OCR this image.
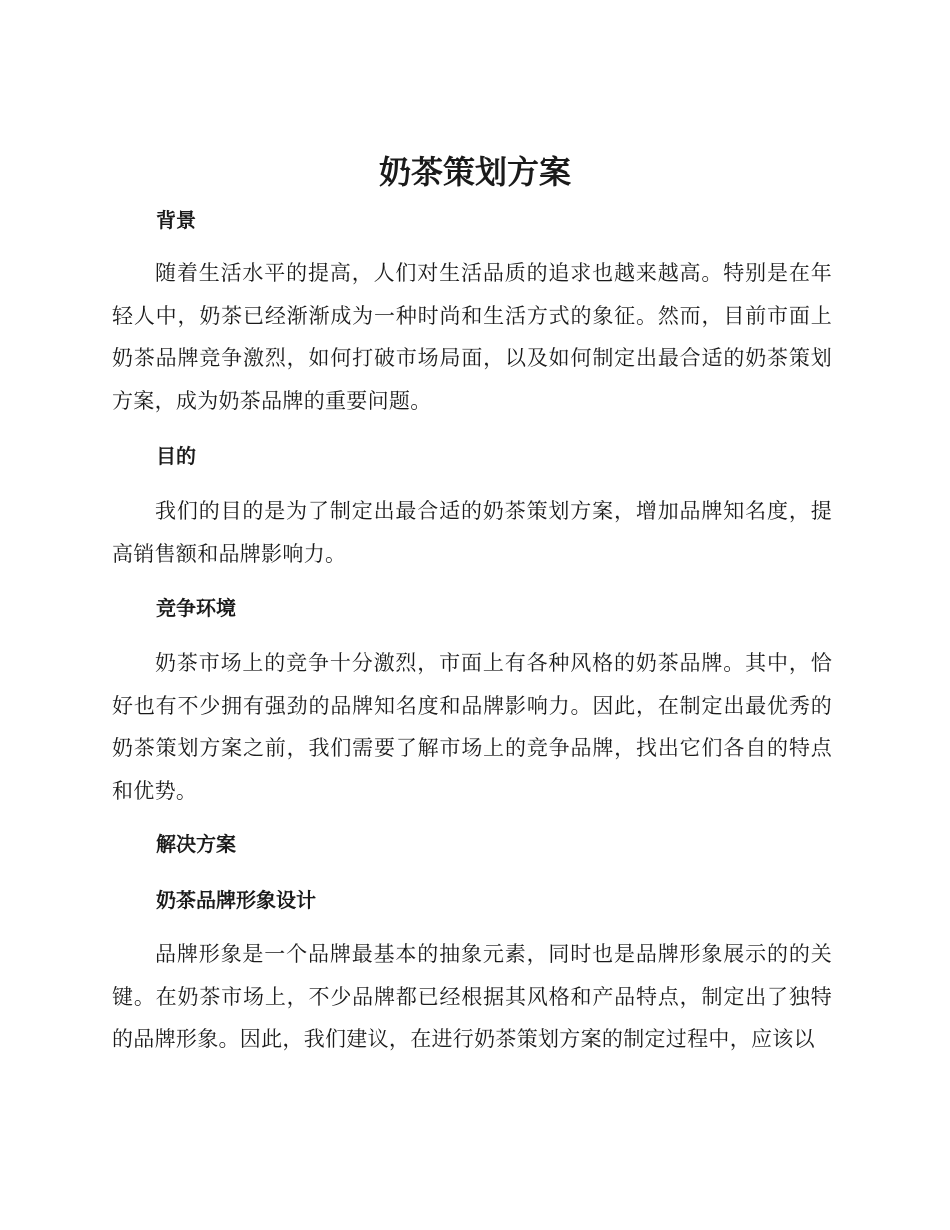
奶茶策划方案
背景

随着生活水平的提高，人们对生活品质的追求也越来越高。特别是在年轻人中，奶茶已经渐渐成为一种时尚和生活方式的象征。然而，目前市面上奶茶品牌竞争激烈，如何打破市场局面，以及如何制定出最合适的奶茶策划方案，成为奶茶品牌的重要问题。

目的

我们的目的是为了制定出最合适的奶茶策划方案，增加品牌知名度，提高销售额和品牌影响力。

竞争环境

奶茶市场上的竞争十分激烈，市面上有各种风格的奶茶品牌。其中，恰好也有不少拥有强劲的品牌知名度和品牌影响力。因此，在制定出最优秀的奶茶策划方案之前，我们需要了解市场上的竞争品牌，找出它们各自的特点和优势。

解决方案
奶茶品牌形象设计

品牌形象是一个品牌最基本的抽象元素，同时也是品牌形象展示的的关键。在奶茶市场上，不少品牌都已经根据其风格和产品特点，制定出了独特的品牌形象。因此，我们建议，在进行奶茶策划方案的制定过程中，应该以
